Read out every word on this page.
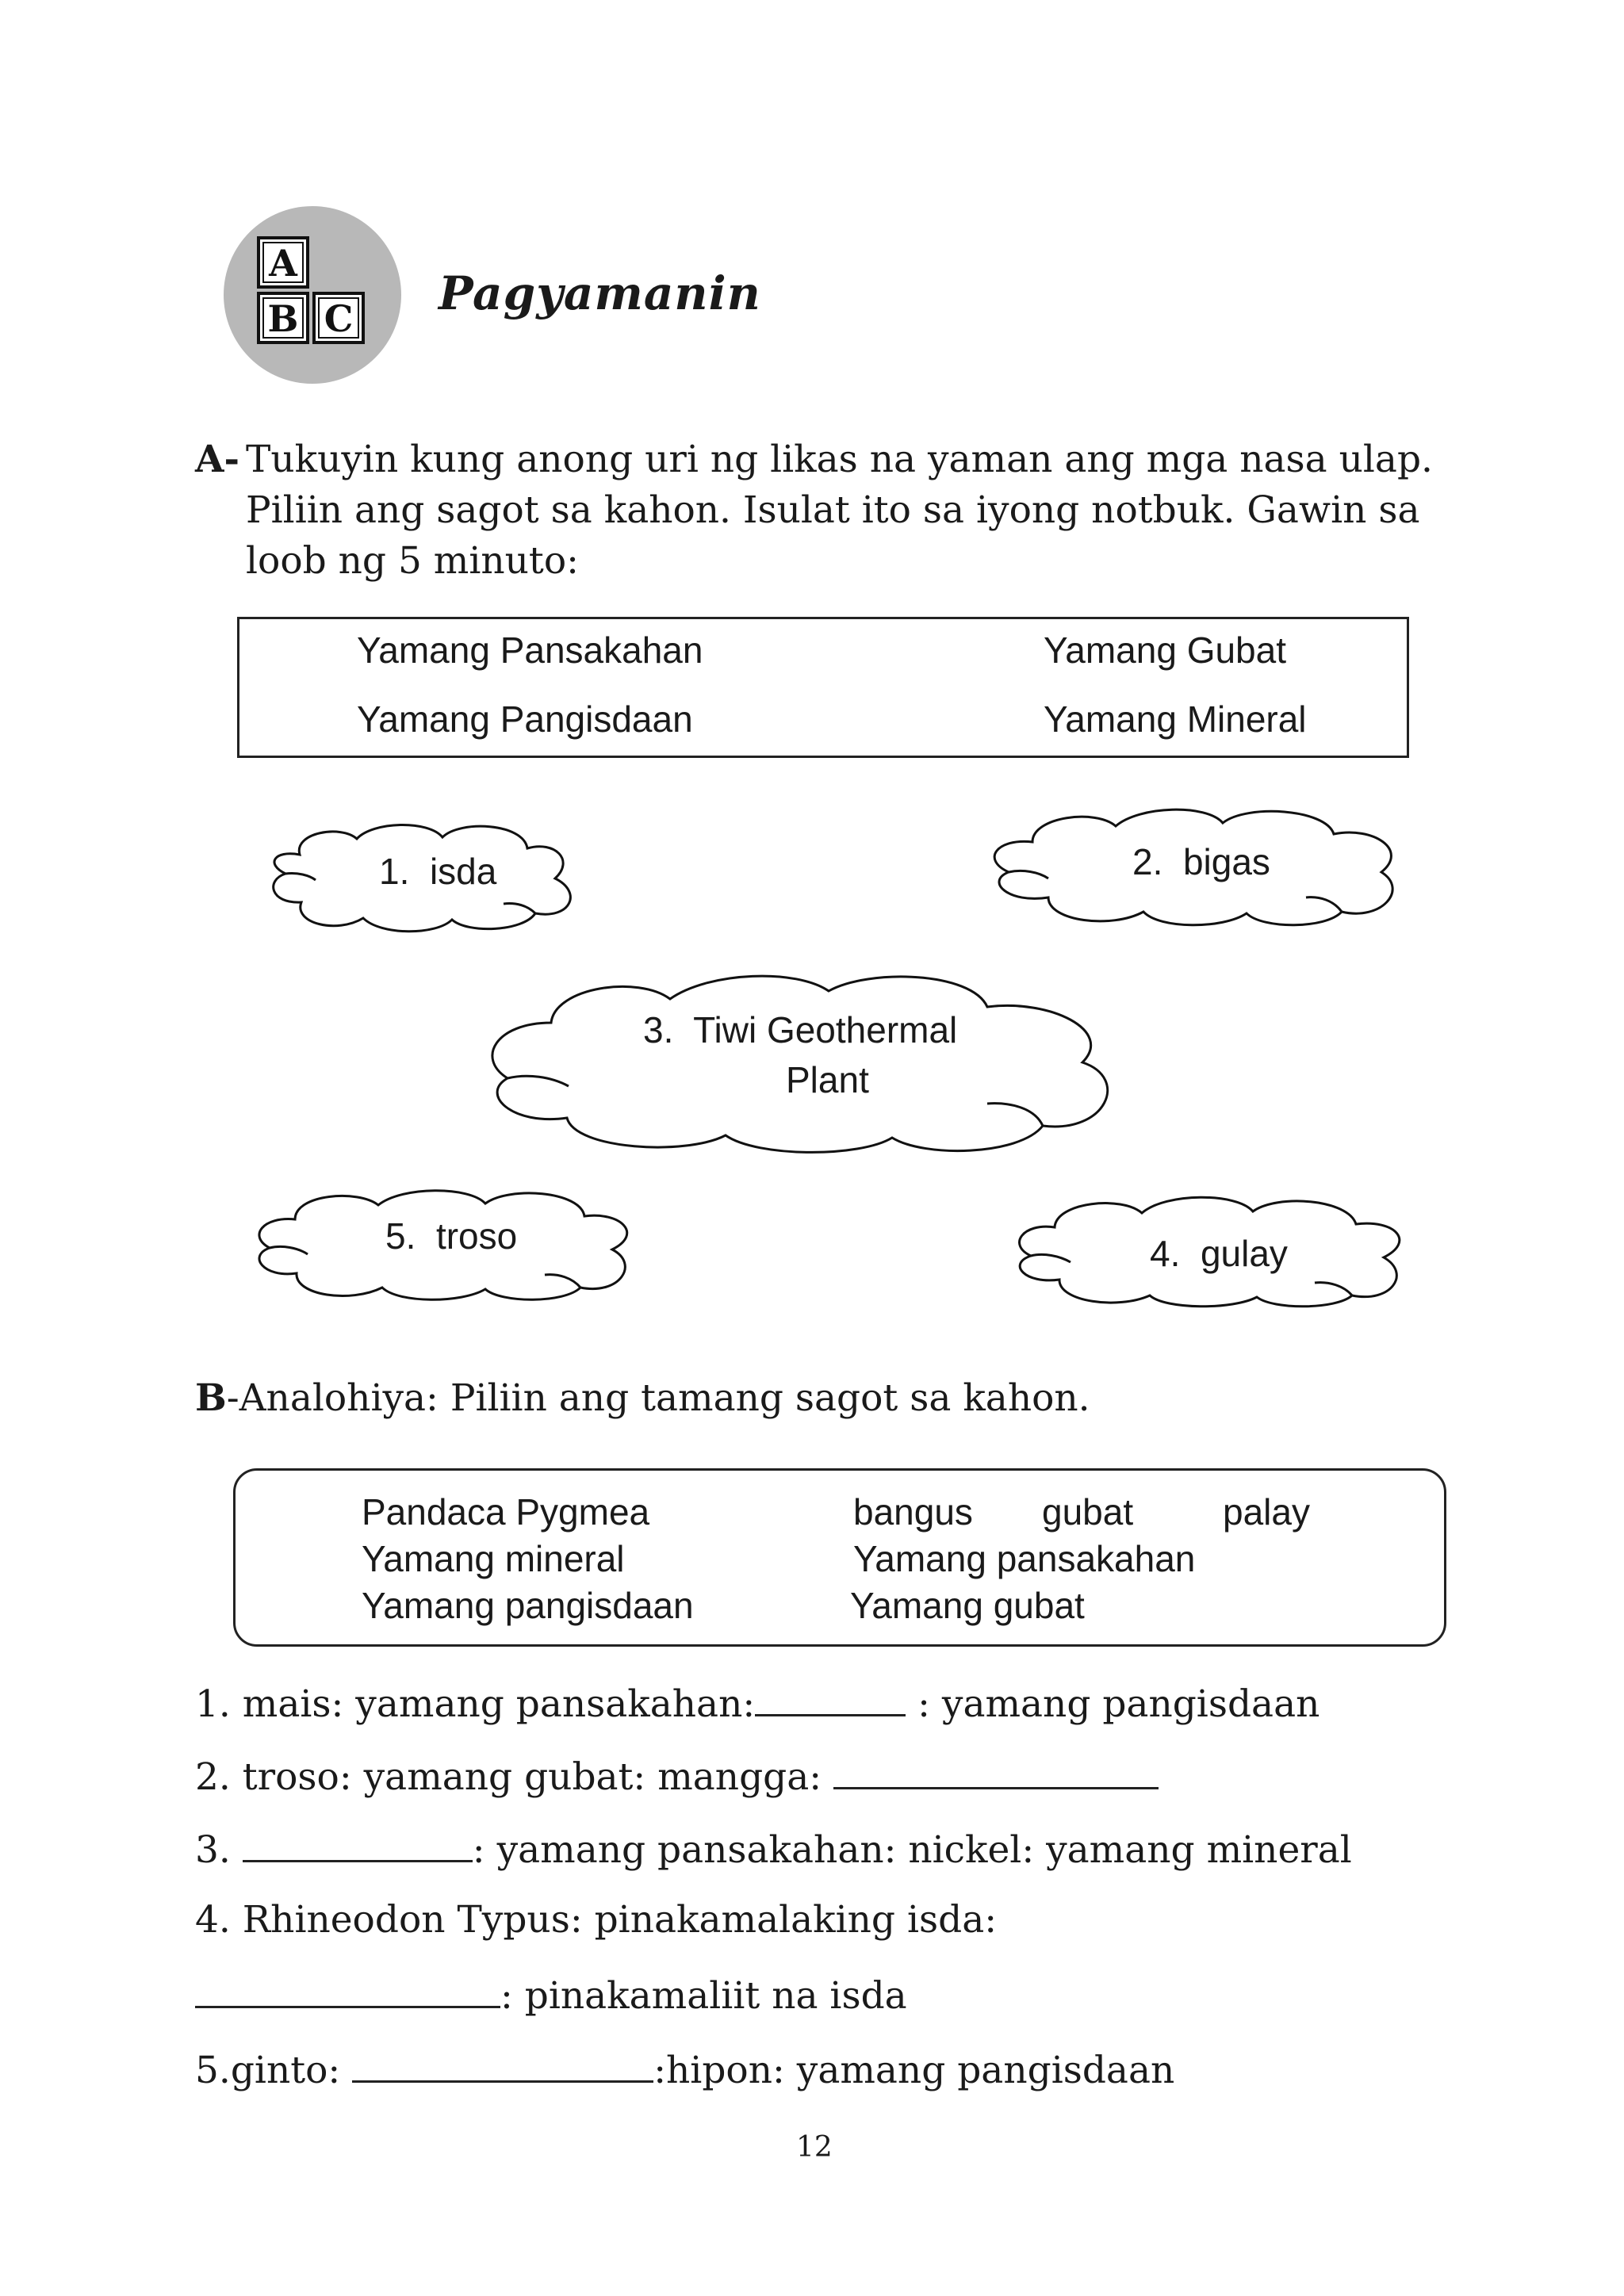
A
B C Pagyamanin
A- Tukuyin kung anong uri ng likas na yaman ang mga nasa ulap.
Piliin ang sagot sa kahon. Isulat ito sa iyong notbuk. Gawin sa
loob ng 5 minuto:
Yamang Pansakahan	Yamang Gubat
Yamang Pangisdaan	Yamang Mineral
1. isda	2. bigas
3. Tiwi Geothermal
Plant
5. troso	4. gulay
B-Analohiya: Piliin ang tamang sagot sa kahon.
Pandaca Pygmea	bangus gubat palay
Yamang mineral	Yamang pansakahan
Yamang pangisdaan	Yamang gubat
1. mais: yamang pansakahan:	: yamang pangisdaan
2. troso: yamang gubat: mangga:
3.	: yamang pansakahan: nickel: yamang mineral
4. Rhineodon Typus: pinakamalaking isda:
: pinakamaliit na isda
5.ginto:	:hipon: yamang pangisdaan
12
